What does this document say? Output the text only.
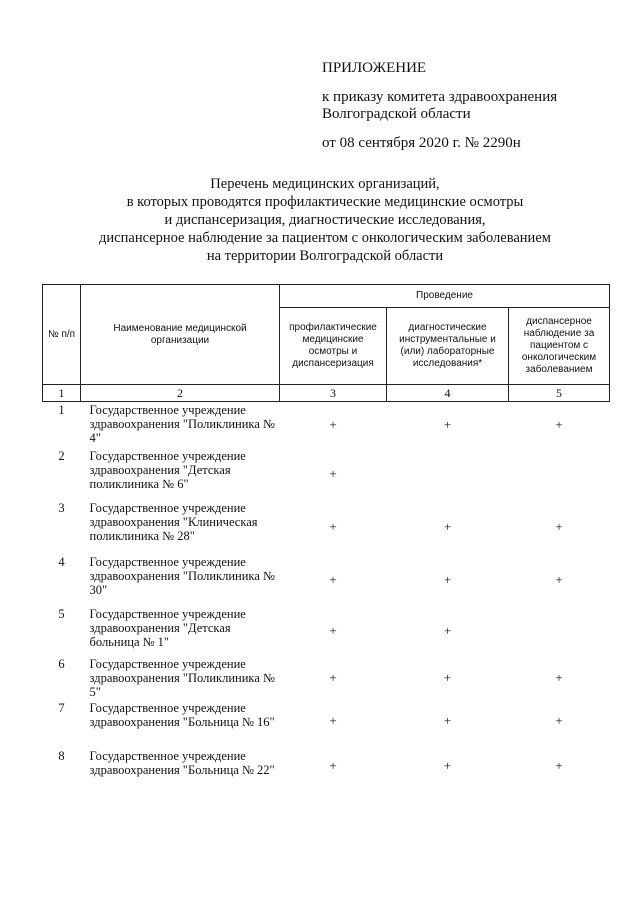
ПРИЛОЖЕНИЕ
к приказу комитета здравоохранения
Волгоградской области
от 08 сентября 2020 г. № 2290н
Перечень медицинских организаций,
в которых проводятся профилактические медицинские осмотры
и диспансеризация, диагностические исследования,
диспансерное наблюдение за пациентом с онкологическим заболеванием
на территории Волгоградской области
№ п/п	Наименование медицинской организации	Проведение		
		профилактические медицинские осмотры и диспансеризация	диагностические инструментальные и (или) лабораторные исследования*	диспансерное наблюдение за пациентом с онкологическим заболеванием
1	2	3	4	5
1	Государственное учреждение здравоохранения "Поликлиника № 4"	+	+	+
2	Государственное учреждение здравоохранения "Детская поликлиника № 6"	+		
3	Государственное учреждение здравоохранения "Клиническая поликлиника № 28"	+	+	+
4	Государственное учреждение здравоохранения "Поликлиника № 30"	+	+	+
5	Государственное учреждение здравоохранения "Детская больница № 1"	+	+	
6	Государственное учреждение здравоохранения "Поликлиника № 5"	+	+	+
7	Государственное учреждение здравоохранения "Больница № 16"	+	+	+
8	Государственное учреждение здравоохранения "Больница № 22"	+	+	+
